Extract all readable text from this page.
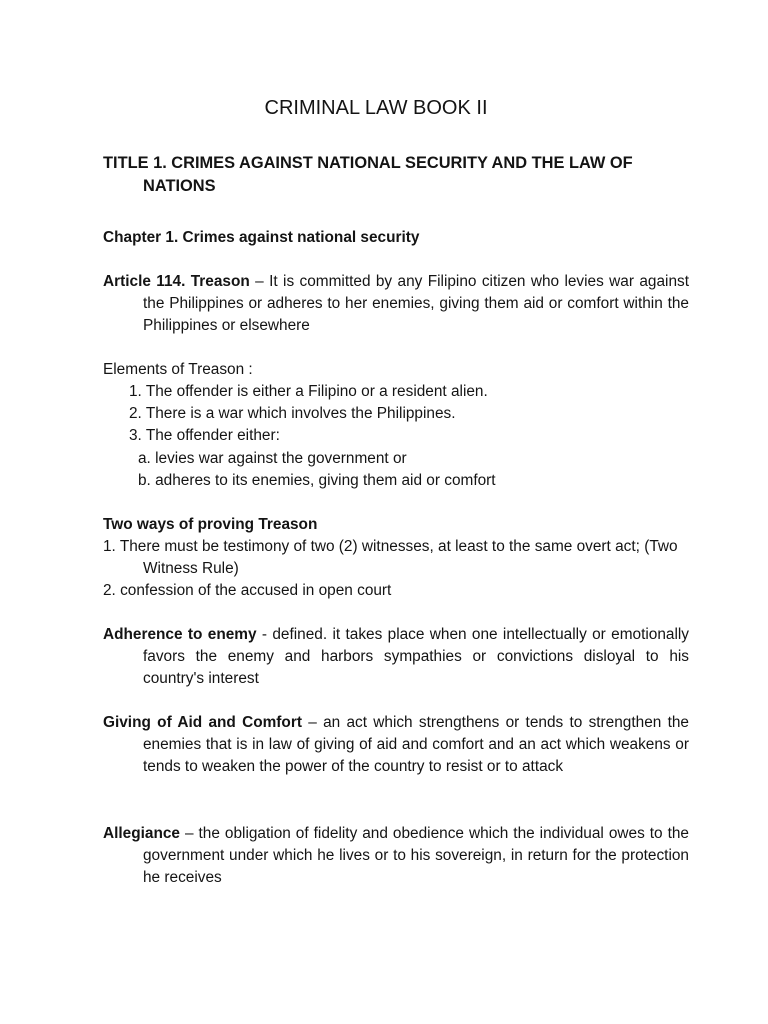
CRIMINAL LAW BOOK II
TITLE 1. CRIMES AGAINST NATIONAL SECURITY AND THE LAW OF
NATIONS
Chapter 1. Crimes against national security
Article 114. Treason – It is committed by any Filipino citizen who levies war against the Philippines or adheres to her enemies, giving them aid or comfort within the Philippines or elsewhere
Elements of Treason :
1. The offender is either a Filipino or a resident alien.
2. There is a war which involves the Philippines.
3. The offender either:
a. levies war against the government or
b. adheres to its enemies, giving them aid or comfort
Two ways of proving Treason
1. There must be testimony of two (2) witnesses, at least to the same overt act; (Two Witness Rule)
2. confession of the accused in open court
Adherence to enemy - defined. it takes place when one intellectually or emotionally favors the enemy and harbors sympathies or convictions disloyal to his country's interest
Giving of Aid and Comfort – an act which strengthens or tends to strengthen the enemies that is in law of giving of aid and comfort and an act which weakens or tends to weaken the power of the country to resist or to attack
Allegiance – the obligation of fidelity and obedience which the individual owes to the government under which he lives or to his sovereign, in return for the protection he receives
